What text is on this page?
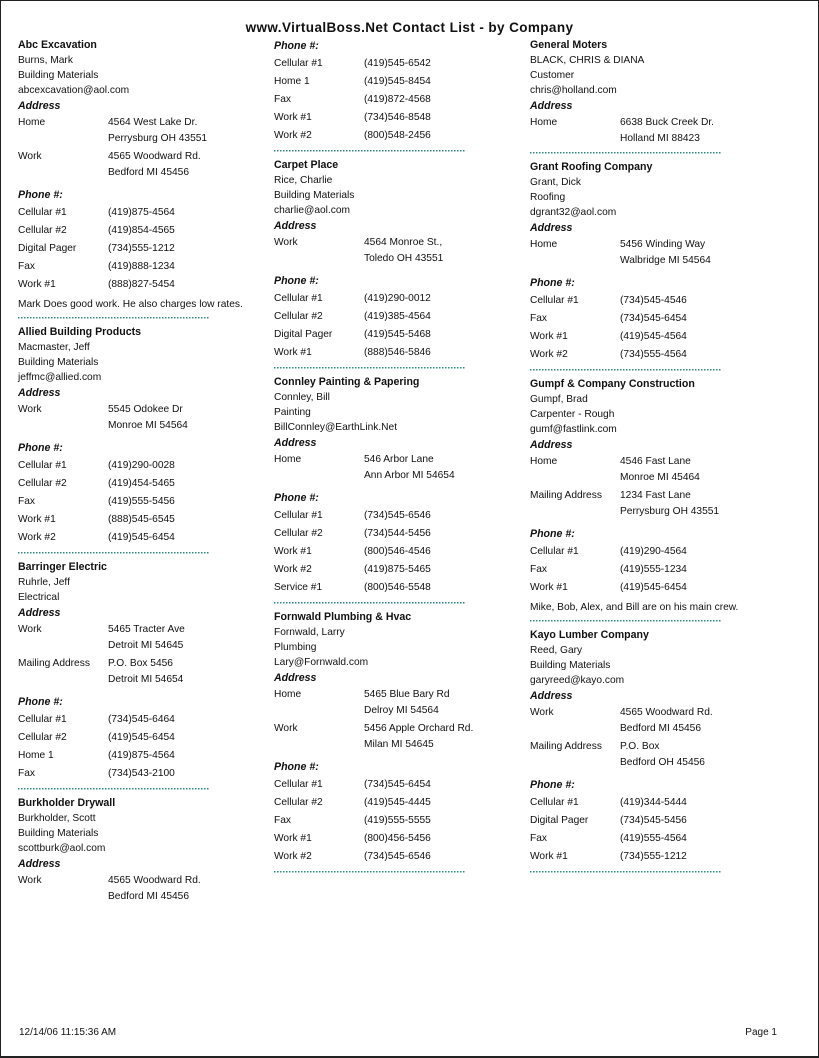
www.VirtualBoss.Net Contact List - by Company
Abc Excavation
Burns, Mark
Building Materials
abcexcavation@aol.com
Address
Home	4564 West Lake Dr.
Perrysburg OH 43551
Work	4565 Woodward Rd.
Bedford MI 45456
Phone #:
Cellular #1	(419)875-4564
Cellular #2	(419)854-4565
Digital Pager	(734)555-1212
Fax	(419)888-1234
Work #1	(888)827-5454
Mark Does good work. He also charges low rates.
Allied Building Products
Macmaster, Jeff
Building Materials
jeffmc@allied.com
Address
Work	5545 Odokee Dr
Monroe MI 54564
Phone #:
Cellular #1	(419)290-0028
Cellular #2	(419)454-5465
Fax	(419)555-5456
Work #1	(888)545-6545
Work #2	(419)545-6454
Barringer Electric
Ruhrle, Jeff
Electrical
Address
Work	5465 Tracter Ave
Detroit MI 54645
Mailing Address	P.O. Box 5456
Detroit MI 54654
Phone #:
Cellular #1	(734)545-6464
Cellular #2	(419)545-6454
Home 1	(419)875-4564
Fax	(734)543-2100
Burkholder Drywall
Burkholder, Scott
Building Materials
scottburk@aol.com
Address
Work	4565 Woodward Rd.
Bedford MI 45456
Phone #:
Cellular #1	(419)545-6542
Home 1	(419)545-8454
Fax	(419)872-4568
Work #1	(734)546-8548
Work #2	(800)548-2456
Carpet Place
Rice, Charlie
Building Materials
charlie@aol.com
Address
Work	4564 Monroe St.,
Toledo OH 43551
Phone #:
Cellular #1	(419)290-0012
Cellular #2	(419)385-4564
Digital Pager	(419)545-5468
Work #1	(888)546-5846
Connley Painting & Papering
Connley, Bill
Painting
BillConnley@EarthLink.Net
Address
Home	546 Arbor Lane
Ann Arbor MI 54654
Phone #:
Cellular #1	(734)545-6546
Cellular #2	(734)544-5456
Work #1	(800)546-4546
Work #2	(419)875-5465
Service #1	(800)546-5548
Fornwald Plumbing & Hvac
Fornwald, Larry
Plumbing
Lary@Fornwald.com
Address
Home	5465 Blue Bary Rd
Delroy MI 54564
Work	5456 Apple Orchard Rd.
Milan MI 54645
Phone #:
Cellular #1	(734)545-6454
Cellular #2	(419)545-4445
Fax	(419)555-5555
Work #1	(800)456-5456
Work #2	(734)545-6546
General Moters
BLACK, CHRIS & DIANA
Customer
chris@holland.com
Address
Home	6638 Buck Creek Dr.
Holland MI 88423
Grant Roofing Company
Grant, Dick
Roofing
dgrant32@aol.com
Address
Home	5456 Winding Way
Walbridge MI 54564
Phone #:
Cellular #1	(734)545-4546
Fax	(734)545-6454
Work #1	(419)545-4564
Work #2	(734)555-4564
Gumpf & Company Construction
Gumpf, Brad
Carpenter - Rough
gumf@fastlink.com
Address
Home	4546 Fast Lane
Monroe MI 45464
Mailing Address	1234 Fast Lane
Perrysburg OH 43551
Phone #:
Cellular #1	(419)290-4564
Fax	(419)555-1234
Work #1	(419)545-6454
Mike, Bob, Alex, and Bill are on his main crew.
Kayo Lumber Company
Reed, Gary
Building Materials
garyreed@kayo.com
Address
Work	4565 Woodward Rd.
Bedford MI 45456
Mailing Address	P.O. Box
Bedford OH 45456
Phone #:
Cellular #1	(419)344-5444
Digital Pager	(734)545-5456
Fax	(419)555-4564
Work #1	(734)555-1212
12/14/06 11:15:36 AM	Page 1
